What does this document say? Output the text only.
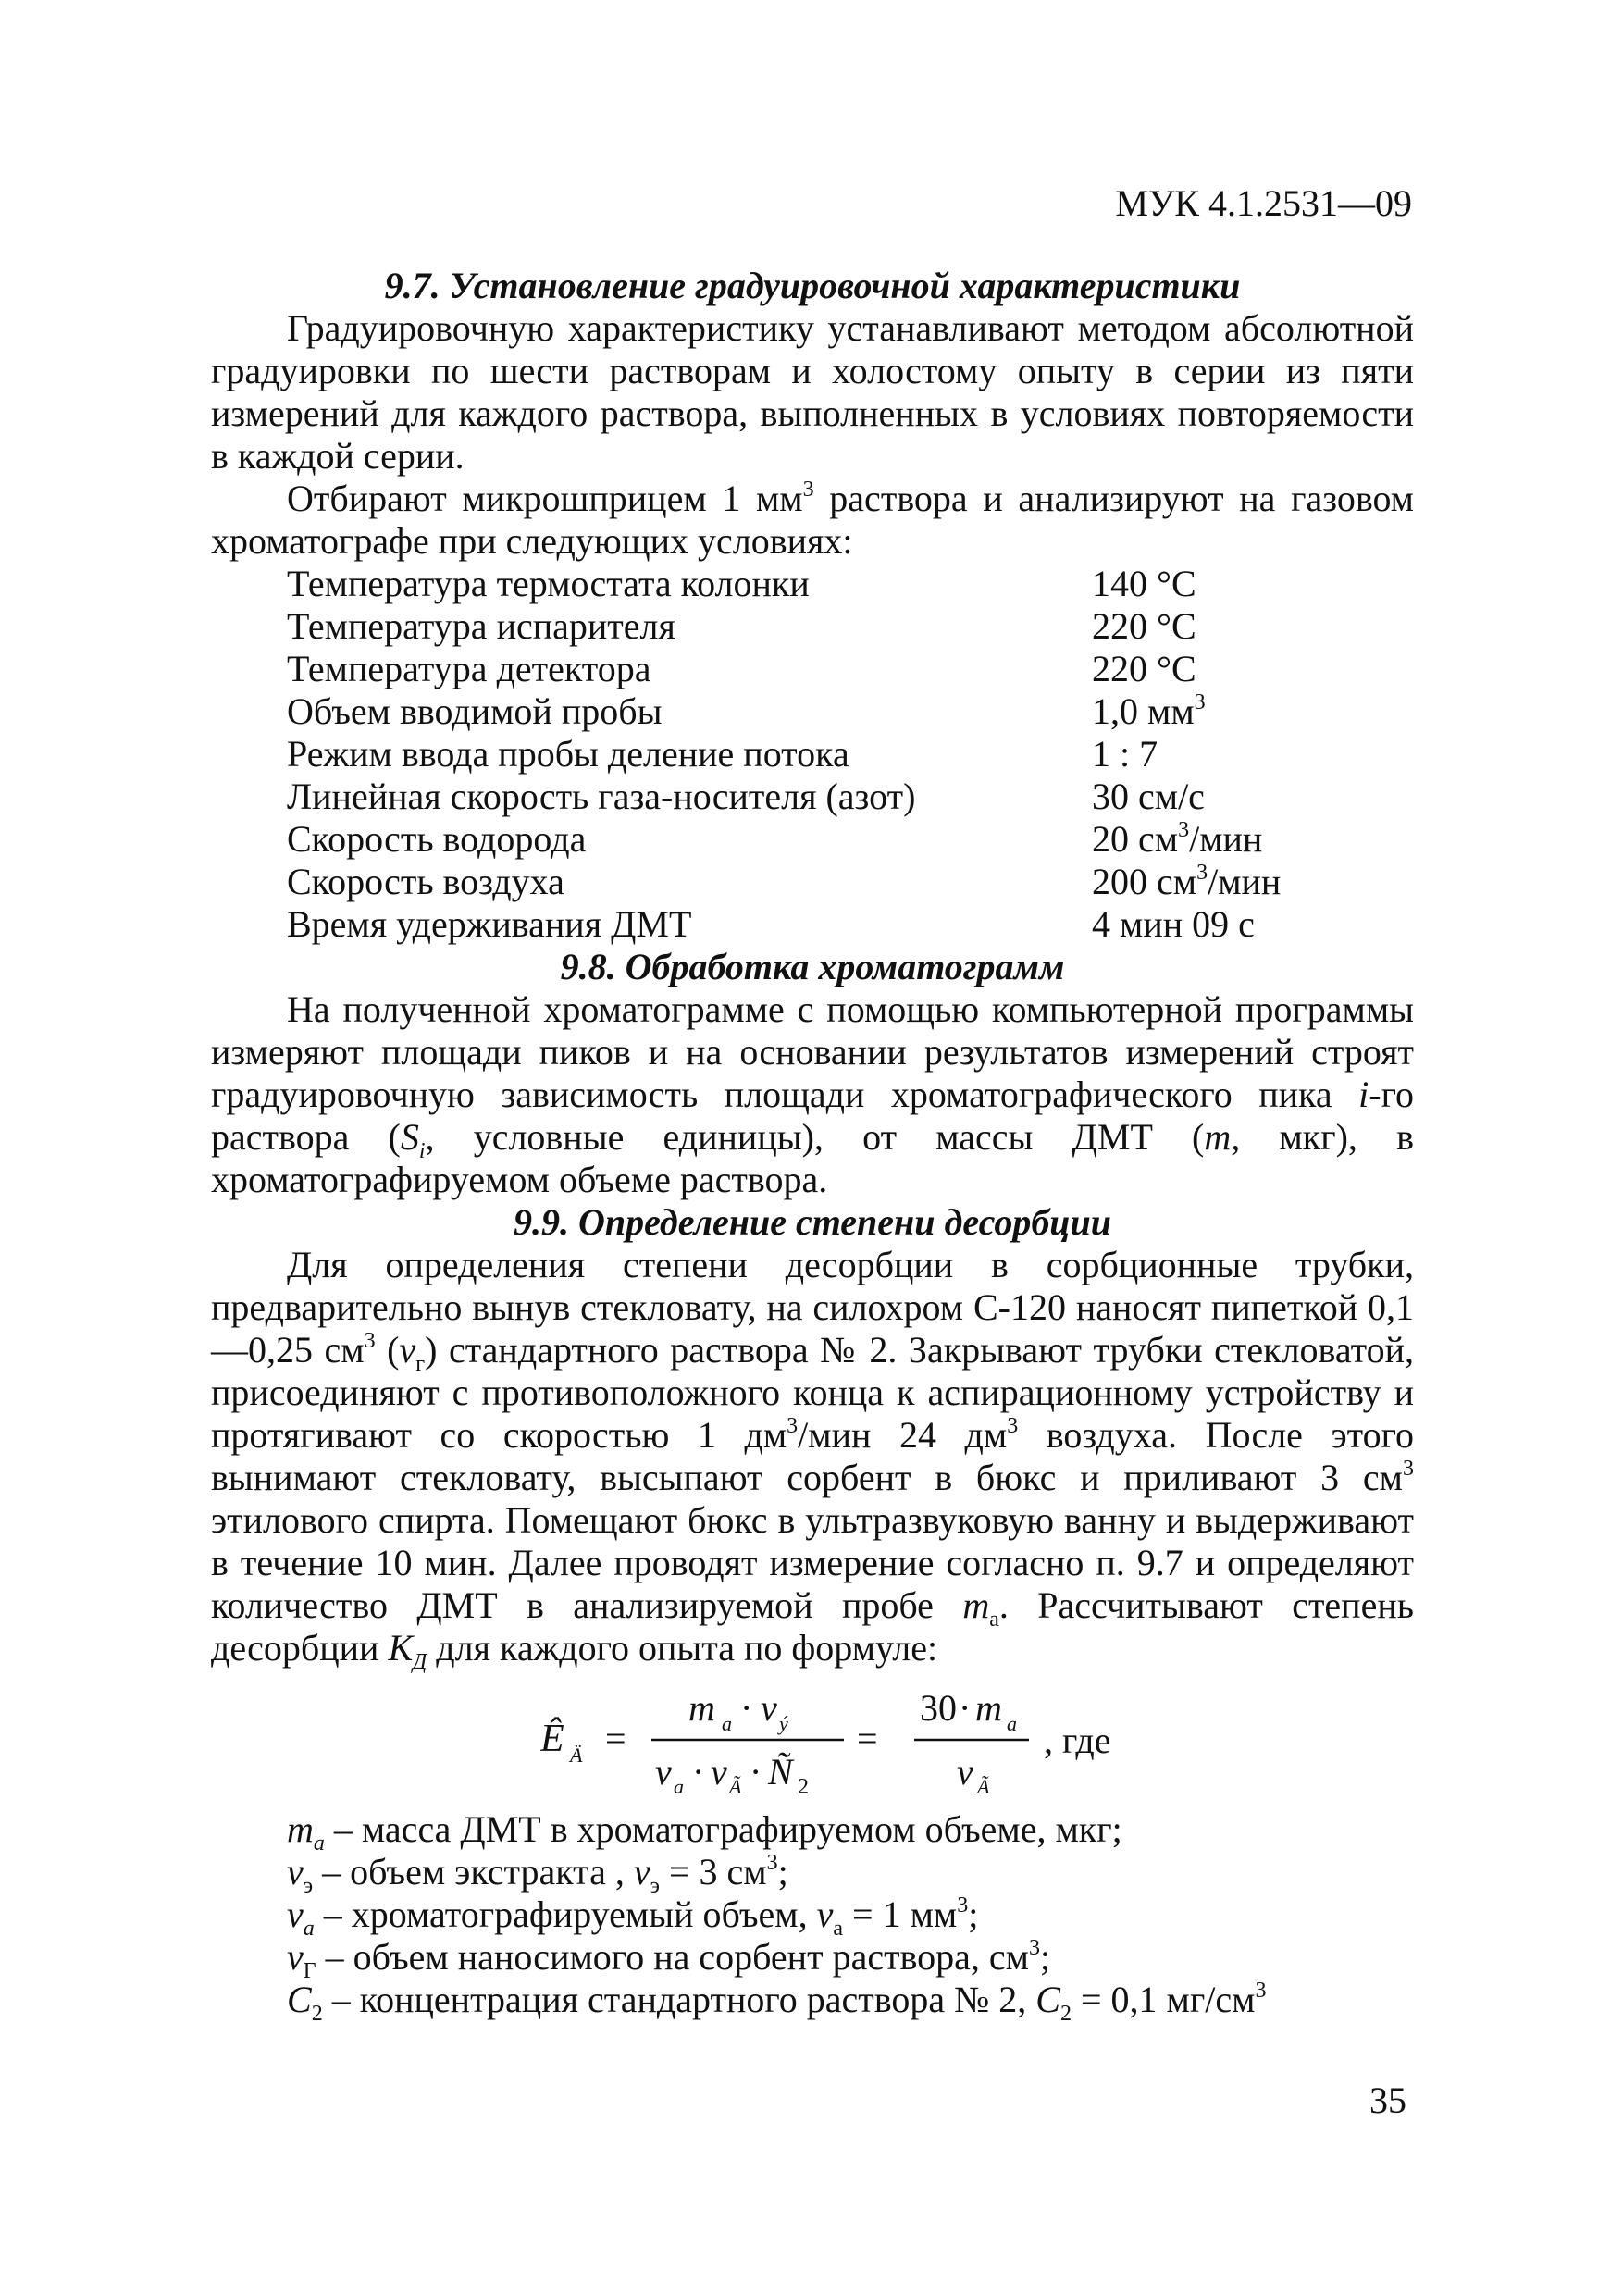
МУК 4.1.2531—09

9.7. Установление градуировочной характеристики

Градуировочную характеристику устанавливают методом абсолютной градуировки по шести растворам и холостому опыту в серии из пяти измерений для каждого раствора, выполненных в условиях повторяемости в каждой серии.

Отбирают микрошприцем 1 $мм^3$ раствора и анализируют на газовом хроматографе при следующих условиях:

Температура термостата колонки	140 °С
Температура испарителя	220 °С
Температура детектора	220 °С
Объем вводимой пробы	1,0 $мм^3$
Режим ввода пробы деление потока	1 : 7
Линейная скорость газа-носителя (азот)	30 см/с
Скорость водорода	20 $см^3$/мин
Скорость воздуха	200 $см^3$/мин
Время удерживания ДМТ	4 мин 09 с

9.8. Обработка хроматограмм

На полученной хроматограмме с помощью компьютерной программы измеряют площади пиков и на основании результатов измерений строят градуировочную зависимость площади хроматографического пика i-го раствора ($S_i$, условные единицы), от массы ДМТ (m, мкг), в хроматографируемом объеме раствора.

9.9. Определение степени десорбции

Для определения степени десорбции в сорбционные трубки, предварительно вынув стекловату, на силохром С-120 наносят пипеткой 0,1—0,25 $см^3$ $(v_г)$ стандартного раствора № 2. Закрывают трубки стекловатой, присоединяют с противоположного конца к аспирационному устройству и протягивают со скоростью 1 $дм^3$/мин 24 $дм^3$ воздуха. После этого вынимают стекловату, высыпают сорбент в бюкс и приливают 3 $см^3$ этилового спирта. Помещают бюкс в ультразвуковую ванну и выдерживают в течение 10 мин. Далее проводят измерение согласно п. 9.7 и определяют количество ДМТ в анализируемой пробе $m_а$. Рассчитывают степень десорбции $К_Д$ для каждого опыта по формуле:

Ê Ä =
m a · v ý
v a · v Ã · Ñ 2
=
30 · m a
ν Ã
, где

$m_a$ – масса ДМТ в хроматографируемом объеме, мкг;

$v_э$ – объем экстракта , $v_э = 3$ $см^3$;

$v_a$ – хроматографируемый объем, $v_а = 1$ $мм^3$;

$v_Г$ – объем наносимого на сорбент раствора, $см^3$;

$С_2$ – концентрация стандартного раствора № 2, $С_2 = 0,1$ $мг/см^3$

35
